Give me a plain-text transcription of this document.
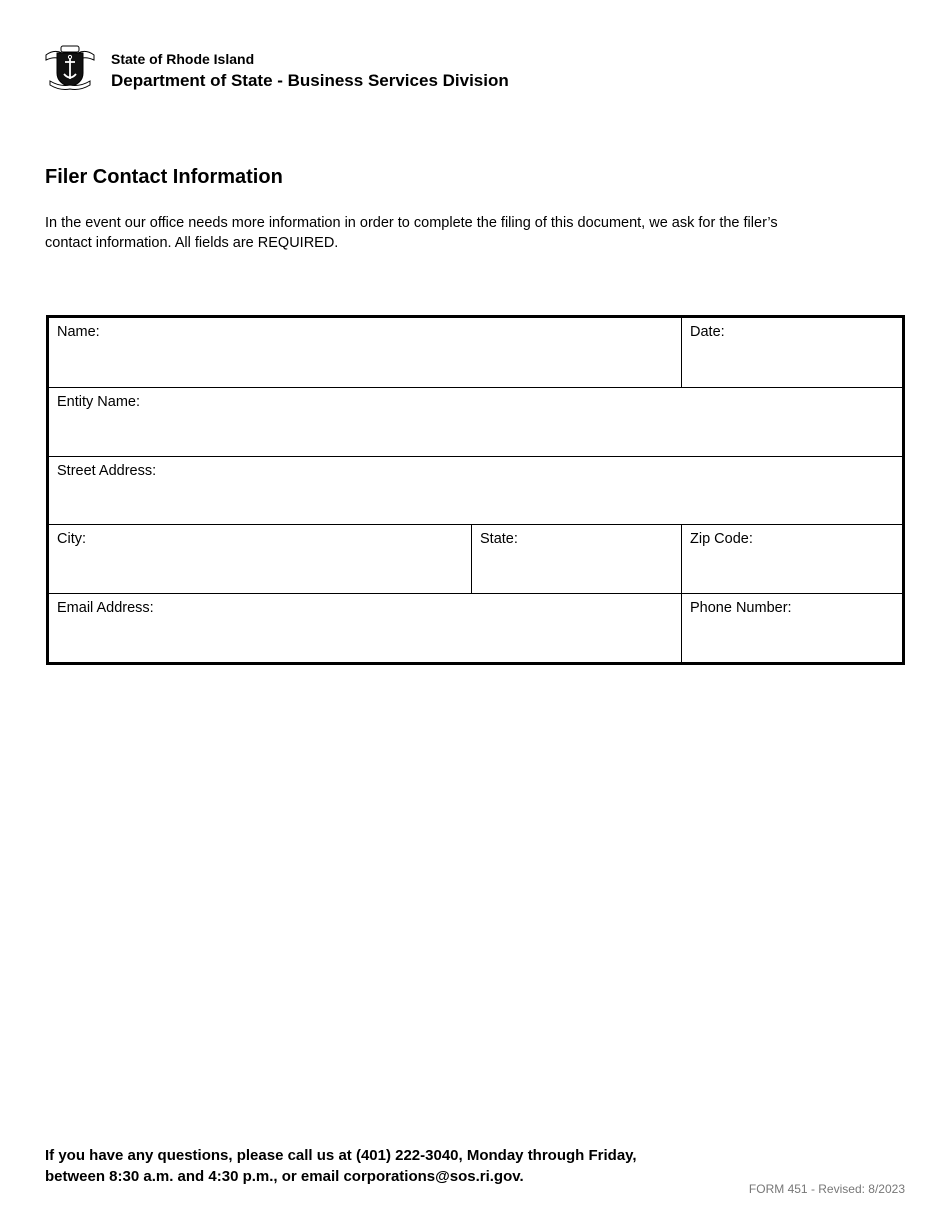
State of Rhode Island
Department of State - Business Services Division
Filer Contact Information
In the event our office needs more information in order to complete the filing of this document, we ask for the filer’s contact information. All fields are REQUIRED.
Name:	Date:
Entity Name:
Street Address:
City:	State:	Zip Code:
Email Address:	Phone Number:
If you have any questions, please call us at (401) 222-3040, Monday through Friday, between 8:30 a.m. and 4:30 p.m., or email corporations@sos.ri.gov.
FORM 451 - Revised: 8/2023
